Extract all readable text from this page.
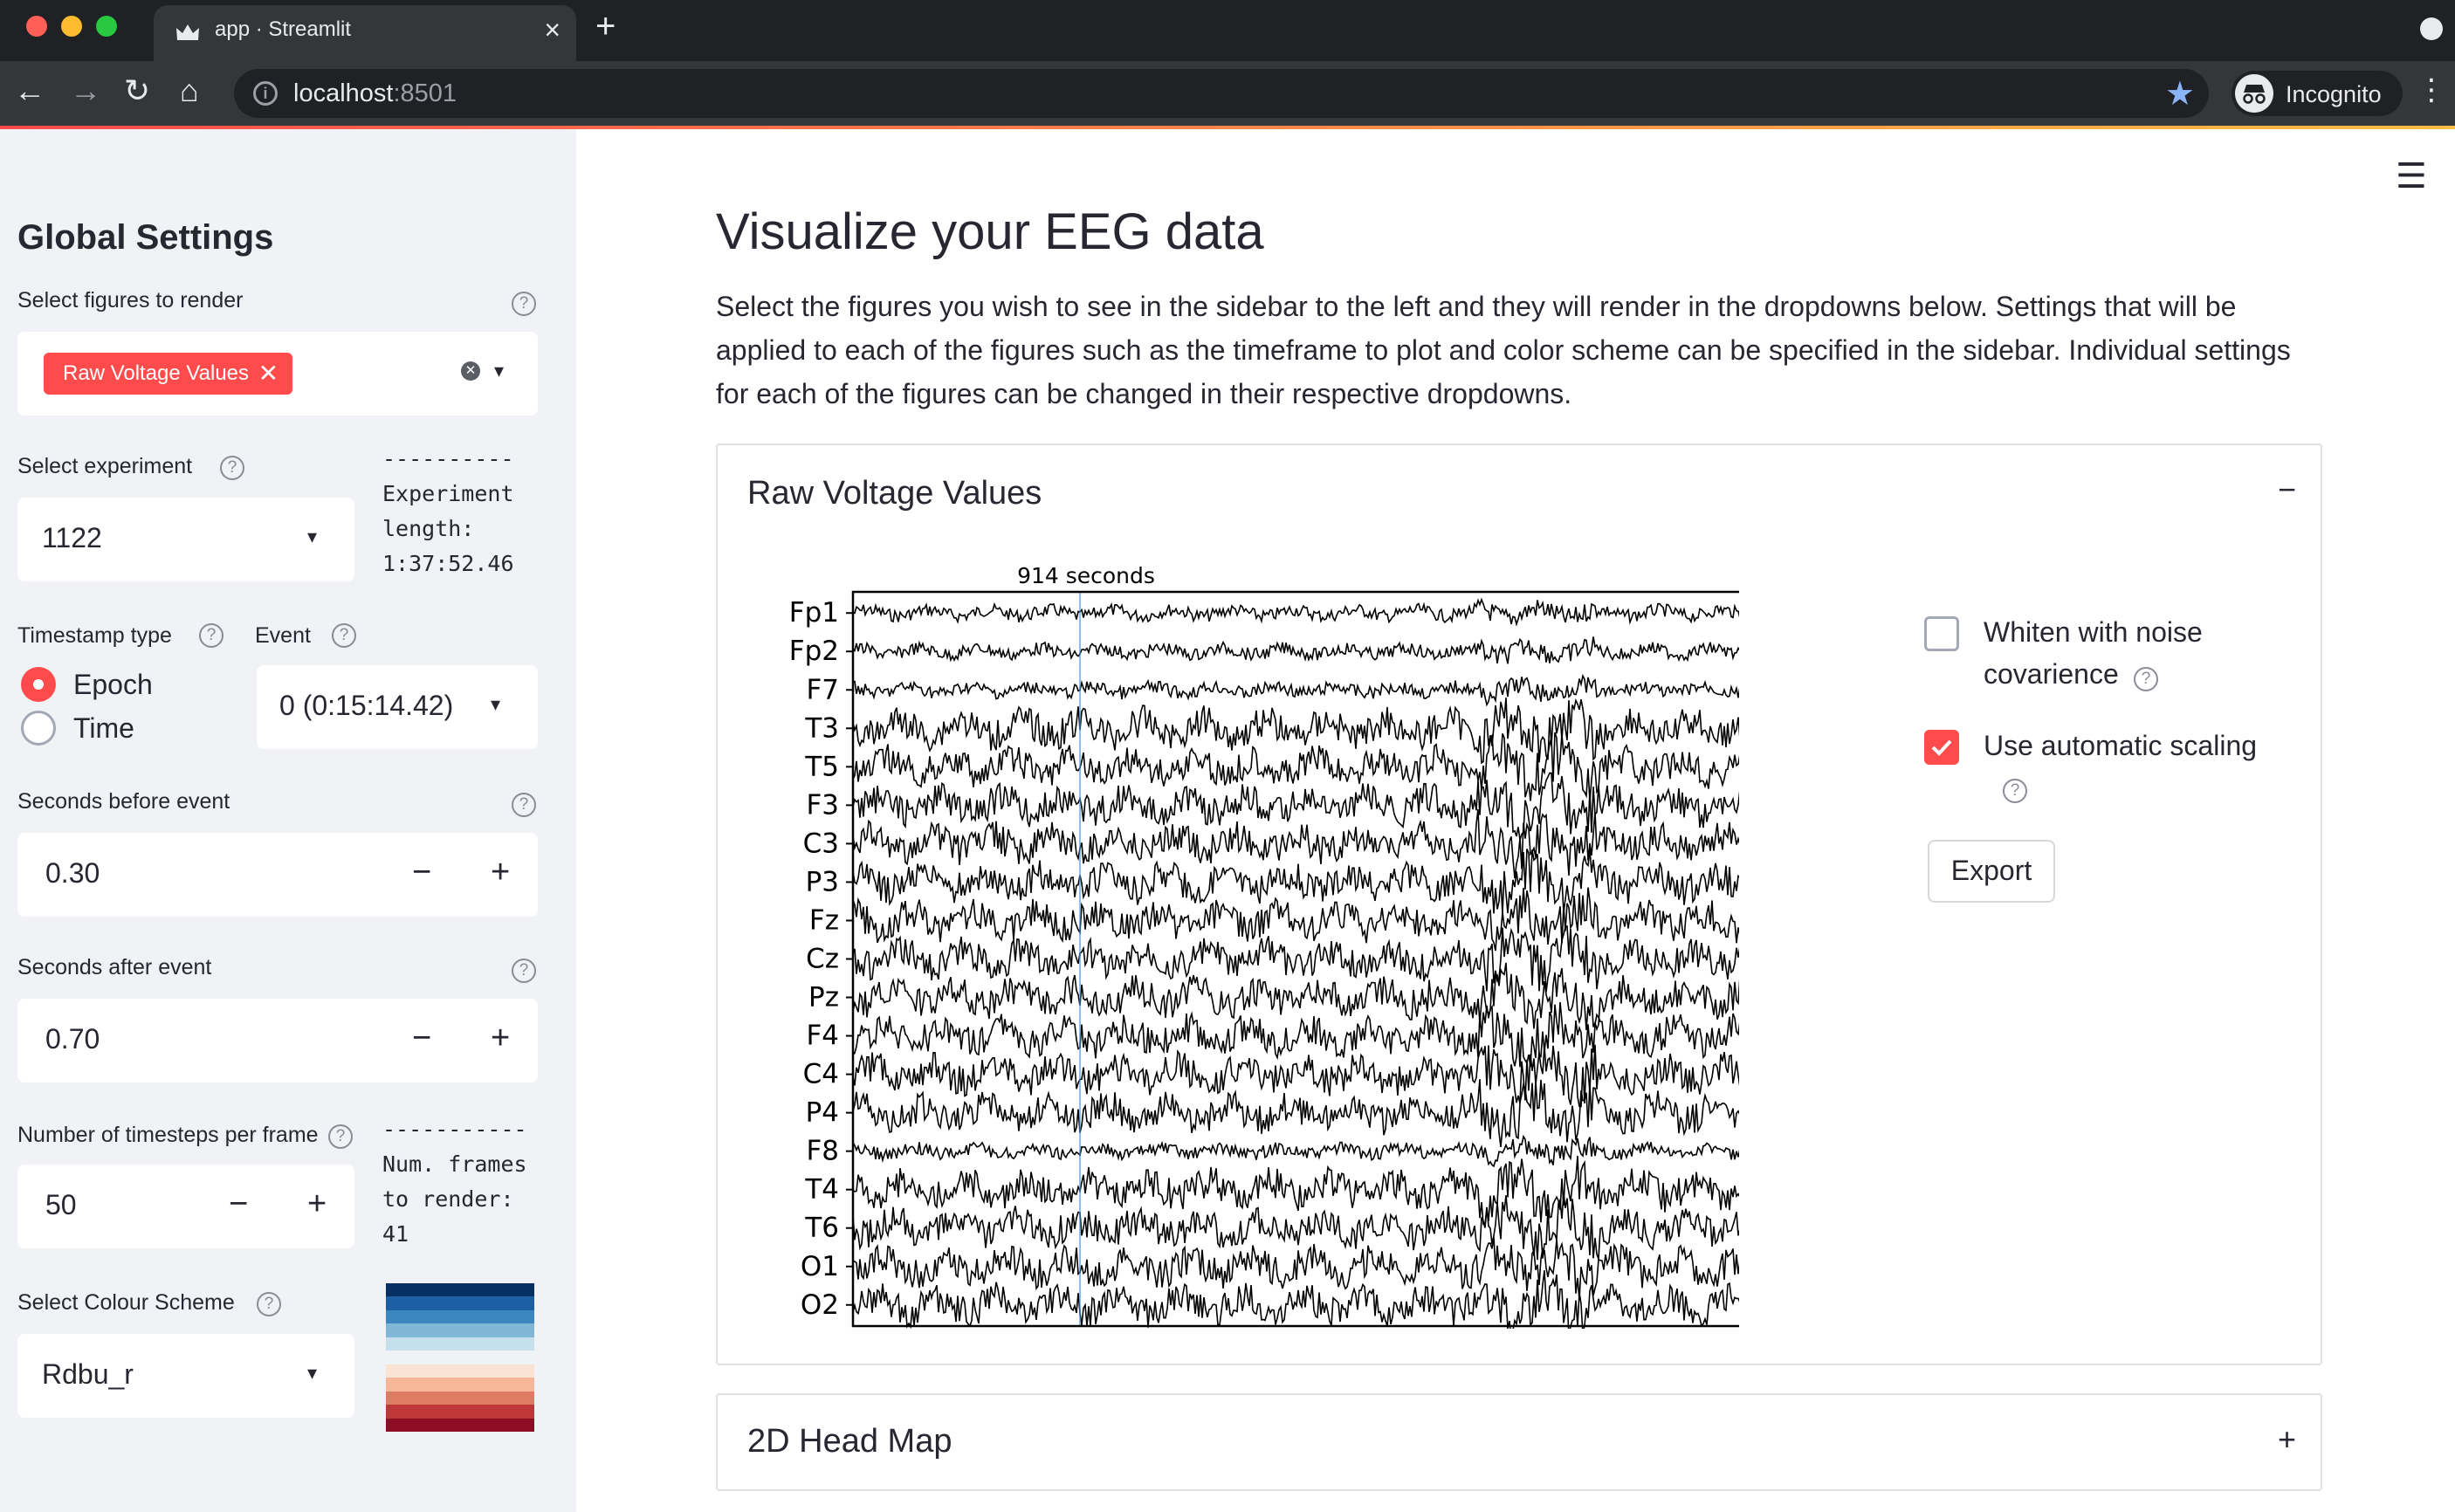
app · Streamlit	× +
← → ↻ ⌂	i	localhost:8501	★	Incognito ⋮
Global Settings
Select figures to render	?
Raw Voltage Values ✕	✕ ▾
Select experiment	?
1122	▾
----------
Experiment
length:
1:37:52.46
Timestamp type	?
Epoch
Time
Event	?
0 (0:15:14.42) ▾
Seconds before event	?
0.30	− +
Seconds after event	?
0.70	− +
Number of timesteps per frame	?
50	− +
-----------
Num. frames
to render:
41
Select Colour Scheme	?
Rdbu_r	▾
☰
Visualize your EEG data
Select the figures you wish to see in the sidebar to the left and they will render in the dropdowns below. Settings that will be applied to each of the figures such as the timeframe to plot and color scheme can be specified in the sidebar. Individual settings for each of the figures can be changed in their respective dropdowns.
Raw Voltage Values	−
914 seconds
Fp1
Fp2
F7
T3
T5
F3
C3
P3
Fz
Cz
Pz
F4
C4
P4
F8
T4
T6
O1
O2
Whiten with noise covarience	?
Use automatic scaling
?
Export
2D Head Map	+
